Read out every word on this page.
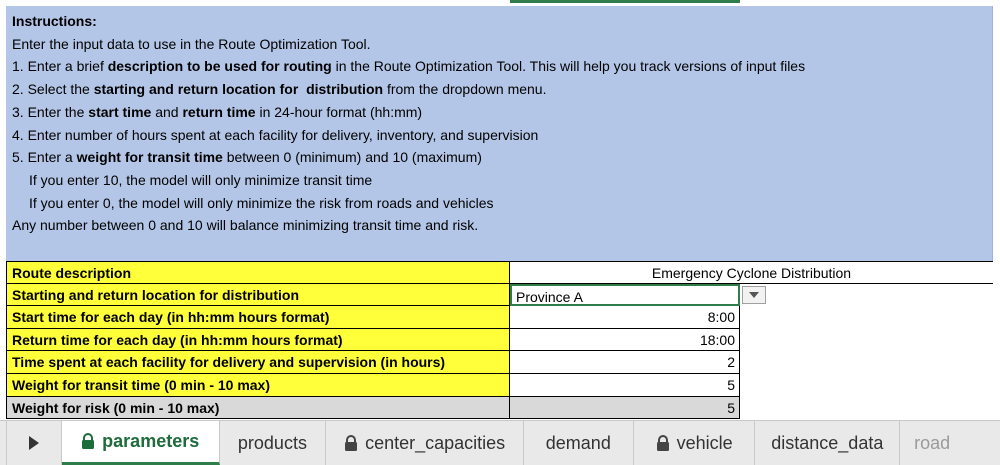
Instructions:
Enter the input data to use in the Route Optimization Tool.
1. Enter a brief description to be used for routing in the Route Optimization Tool. This will help you track versions of input files
2. Select the starting and return location for  distribution from the dropdown menu.
3. Enter the start time and return time in 24-hour format (hh:mm)
4. Enter number of hours spent at each facility for delivery, inventory, and supervision
5. Enter a weight for transit time between 0 (minimum) and 10 (maximum)
If you enter 10, the model will only minimize transit time
If you enter 0, the model will only minimize the risk from roads and vehicles
Any number between 0 and 10 will balance minimizing transit time and risk.
Route description	Emergency Cyclone Distribution
Starting and return location for distribution	Province A
Start time for each day (in hh:mm hours format)	8:00
Return time for each day (in hh:mm hours format)	18:00
Time spent at each facility for delivery and supervision (in hours)	2
Weight for transit time (0 min - 10 max)	5
Weight for risk (0 min - 10 max)	5
parameters products	center_capacities demand	vehicle distance_data road
